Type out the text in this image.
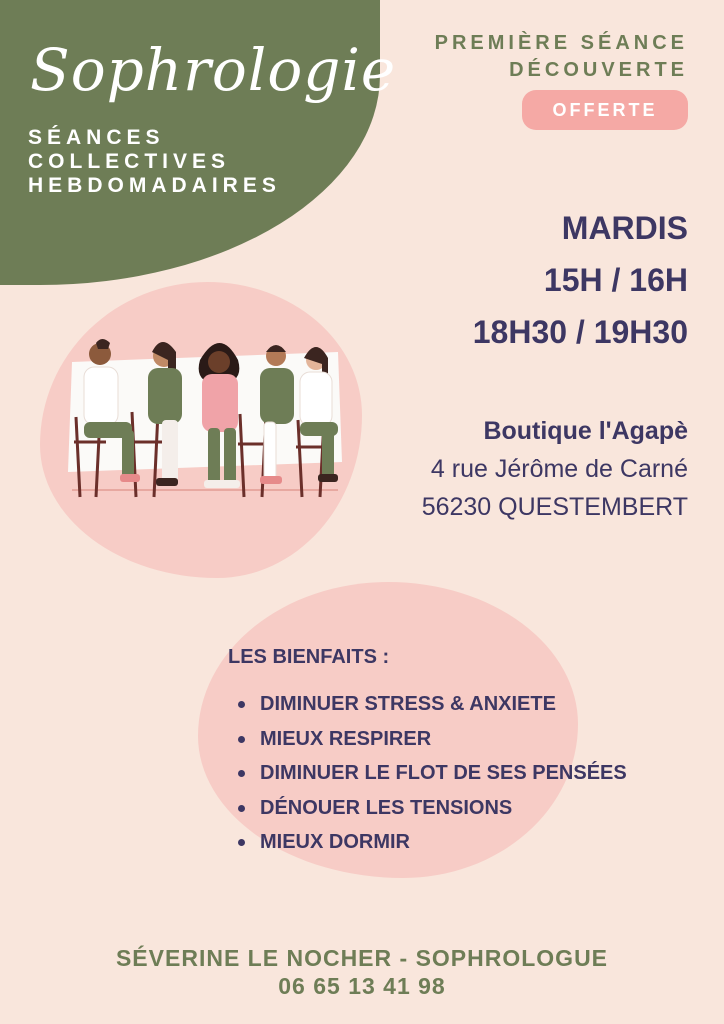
Sophrologie
SÉANCES
COLLECTIVES
HEBDOMADAIRES
PREMIÈRE SÉANCE
DÉCOUVERTE
OFFERTE
MARDIS
15H / 16H
18H30 / 19H30
Boutique l'Agapè
4 rue Jérôme de Carné
56230 QUESTEMBERT
LES BIENFAITS :
DIMINUER STRESS & ANXIETE
MIEUX RESPIRER
DIMINUER LE FLOT DE SES PENSÉES
DÉNOUER LES TENSIONS
MIEUX DORMIR
SÉVERINE LE NOCHER - SOPHROLOGUE
06 65 13 41 98
